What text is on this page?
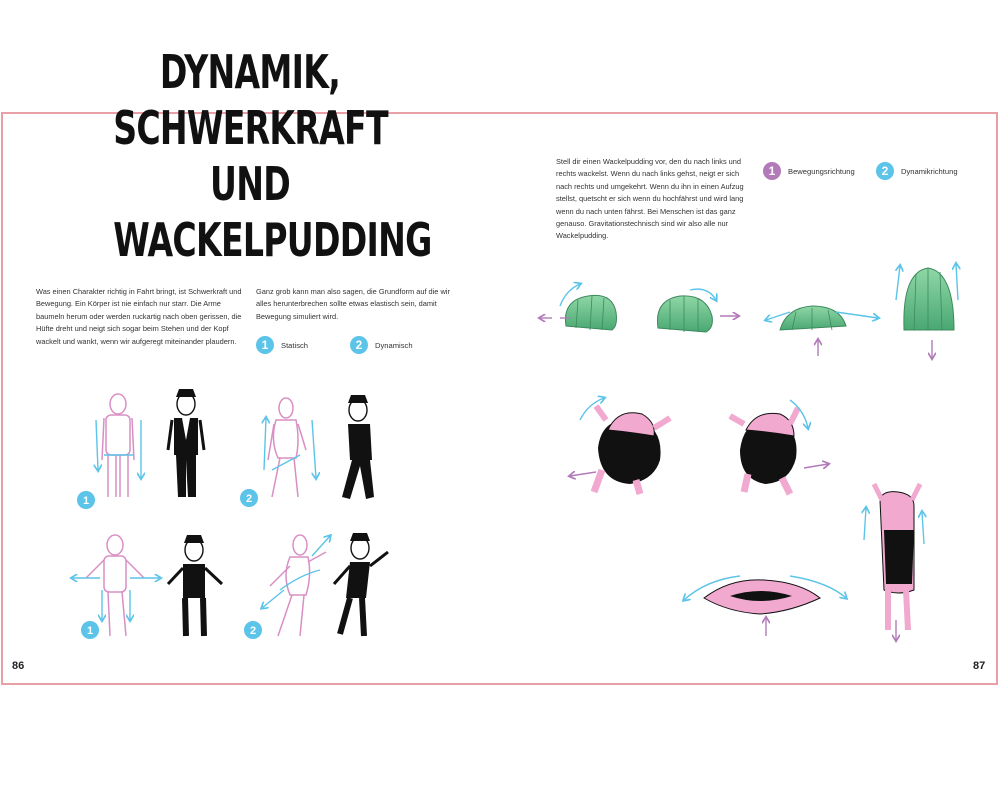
DYNAMIK, SCHWERKRAFT
UND WACKELPUDDING

Was einen Charakter richtig in Fahrt bringt, ist Schwerkraft und Bewegung. Ein Körper ist nie einfach nur starr. Die Arme baumeln herum oder werden ruckartig nach oben gerissen, die Hüfte dreht und neigt sich sogar beim Stehen und der Kopf wackelt und wankt, wenn wir aufgeregt miteinander plaudern.

Ganz grob kann man also sagen, die Grundform auf die wir alles herunterbrechen sollte etwas elastisch sein, damit Bewegung simuliert wird.

1	Statisch	2	Dynamisch
86

Stell dir einen Wackelpudding vor, den du nach links und rechts wackelst. Wenn du nach links gehst, neigt er sich nach rechts und umgekehrt. Wenn du ihn in einen Aufzug stellst, quetscht er sich wenn du hochfährst und wird lang wenn du nach unten fährst. Bei Menschen ist das ganz genauso. Gravitationstechnisch sind wir also alle nur Wackelpudding.

1	Bewegungsrichtung	2	Dynamikrichtung
87
1	2
1	2
